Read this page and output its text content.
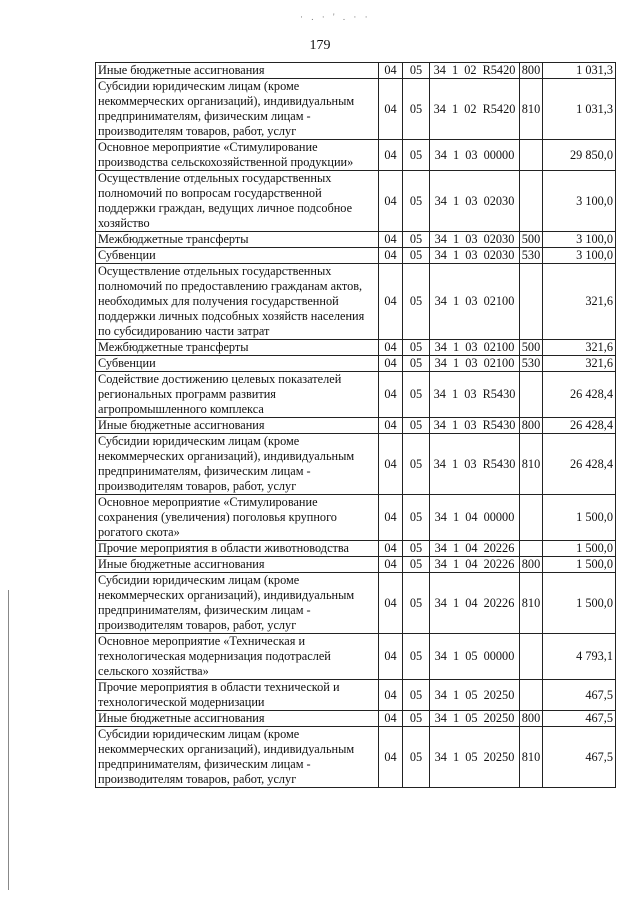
· . · ' . · ·
179
Иные бюджетные ассигнования	04	05	34 1 02 R5420	800	1 031,3
Субсидии юридическим лицам (кроме некоммерческих организаций), индивидуальным предпринимателям, физическим лицам - производителям товаров, работ, услуг	04	05	34 1 02 R5420	810	1 031,3
Основное мероприятие «Стимулирование производства сельскохозяйственной продукции»	04	05	34 1 03 00000		29 850,0
Осуществление отдельных государственных полномочий по вопросам государственной поддержки граждан, ведущих личное подсобное хозяйство	04	05	34 1 03 02030		3 100,0
Межбюджетные трансферты	04	05	34 1 03 02030	500	3 100,0
Субвенции	04	05	34 1 03 02030	530	3 100,0
Осуществление отдельных государственных полномочий по предоставлению гражданам актов, необходимых для получения государственной поддержки личных подсобных хозяйств населения по субсидированию части затрат	04	05	34 1 03 02100		321,6
Межбюджетные трансферты	04	05	34 1 03 02100	500	321,6
Субвенции	04	05	34 1 03 02100	530	321,6
Содействие достижению целевых показателей региональных программ развития агропромышленного комплекса	04	05	34 1 03 R5430		26 428,4
Иные бюджетные ассигнования	04	05	34 1 03 R5430	800	26 428,4
Субсидии юридическим лицам (кроме некоммерческих организаций), индивидуальным предпринимателям, физическим лицам - производителям товаров, работ, услуг	04	05	34 1 03 R5430	810	26 428,4
Основное мероприятие «Стимулирование сохранения (увеличения) поголовья крупного рогатого скота»	04	05	34 1 04 00000		1 500,0
Прочие мероприятия в области животноводства	04	05	34 1 04 20226		1 500,0
Иные бюджетные ассигнования	04	05	34 1 04 20226	800	1 500,0
Субсидии юридическим лицам (кроме некоммерческих организаций), индивидуальным предпринимателям, физическим лицам - производителям товаров, работ, услуг	04	05	34 1 04 20226	810	1 500,0
Основное мероприятие «Техническая и технологическая модернизация подотраслей сельского хозяйства»	04	05	34 1 05 00000		4 793,1
Прочие мероприятия в области технической и технологической модернизации	04	05	34 1 05 20250		467,5
Иные бюджетные ассигнования	04	05	34 1 05 20250	800	467,5
Субсидии юридическим лицам (кроме некоммерческих организаций), индивидуальным предпринимателям, физическим лицам - производителям товаров, работ, услуг	04	05	34 1 05 20250	810	467,5
